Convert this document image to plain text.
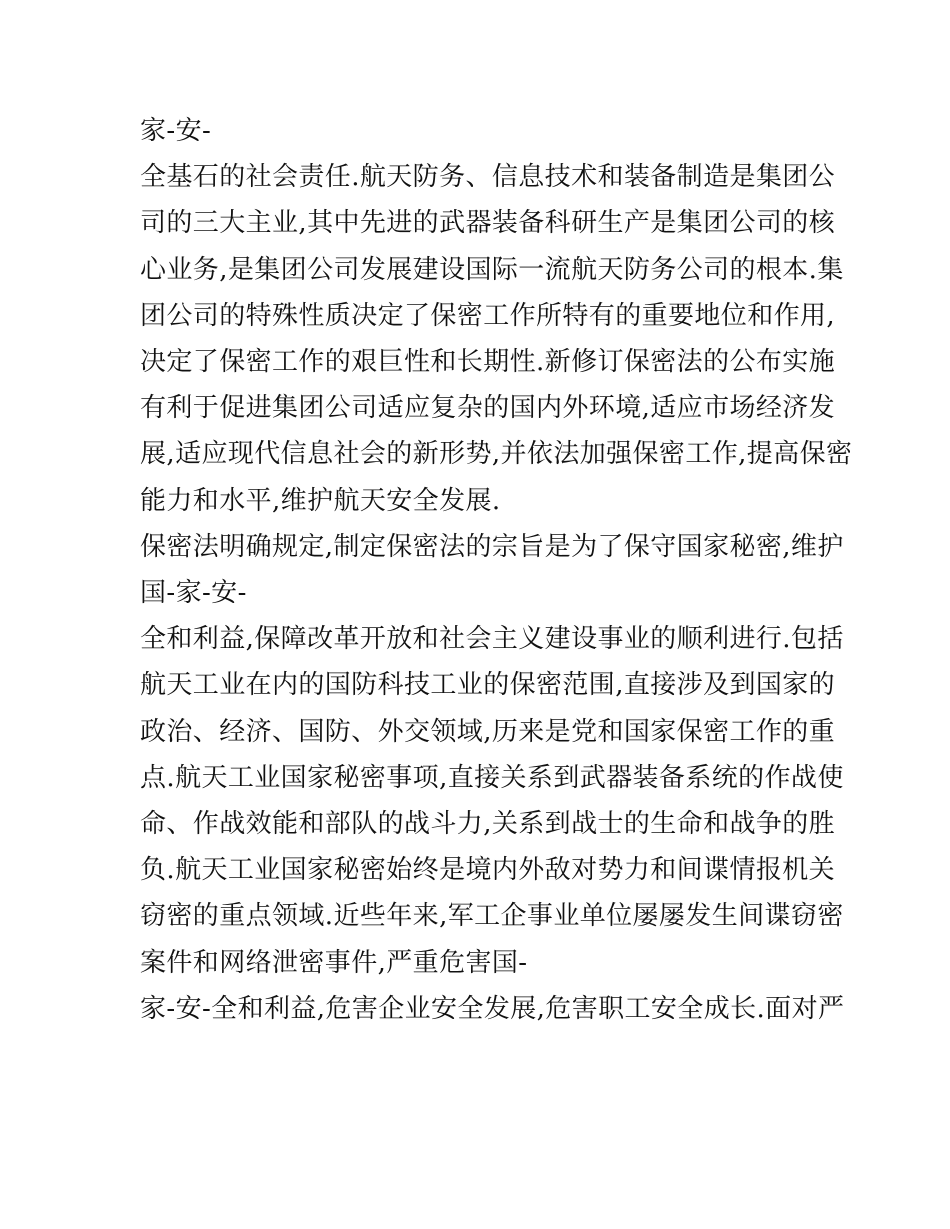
家-安-
全基石的社会责任.航天防务、信息技术和装备制造是集团公
司的三大主业,其中先进的武器装备科研生产是集团公司的核
心业务,是集团公司发展建设国际一流航天防务公司的根本.集
团公司的特殊性质决定了保密工作所特有的重要地位和作用,
决定了保密工作的艰巨性和长期性.新修订保密法的公布实施
有利于促进集团公司适应复杂的国内外环境,适应市场经济发
展,适应现代信息社会的新形势,并依法加强保密工作,提高保密
能力和水平,维护航天安全发展.
保密法明确规定,制定保密法的宗旨是为了保守国家秘密,维护
国-家-安-
全和利益,保障改革开放和社会主义建设事业的顺利进行.包括
航天工业在内的国防科技工业的保密范围,直接涉及到国家的
政治、经济、国防、外交领域,历来是党和国家保密工作的重
点.航天工业国家秘密事项,直接关系到武器装备系统的作战使
命、作战效能和部队的战斗力,关系到战士的生命和战争的胜
负.航天工业国家秘密始终是境内外敌对势力和间谍情报机关
窃密的重点领域.近些年来,军工企事业单位屡屡发生间谍窃密
案件和网络泄密事件,严重危害国-
家-安-全和利益,危害企业安全发展,危害职工安全成长.面对严
